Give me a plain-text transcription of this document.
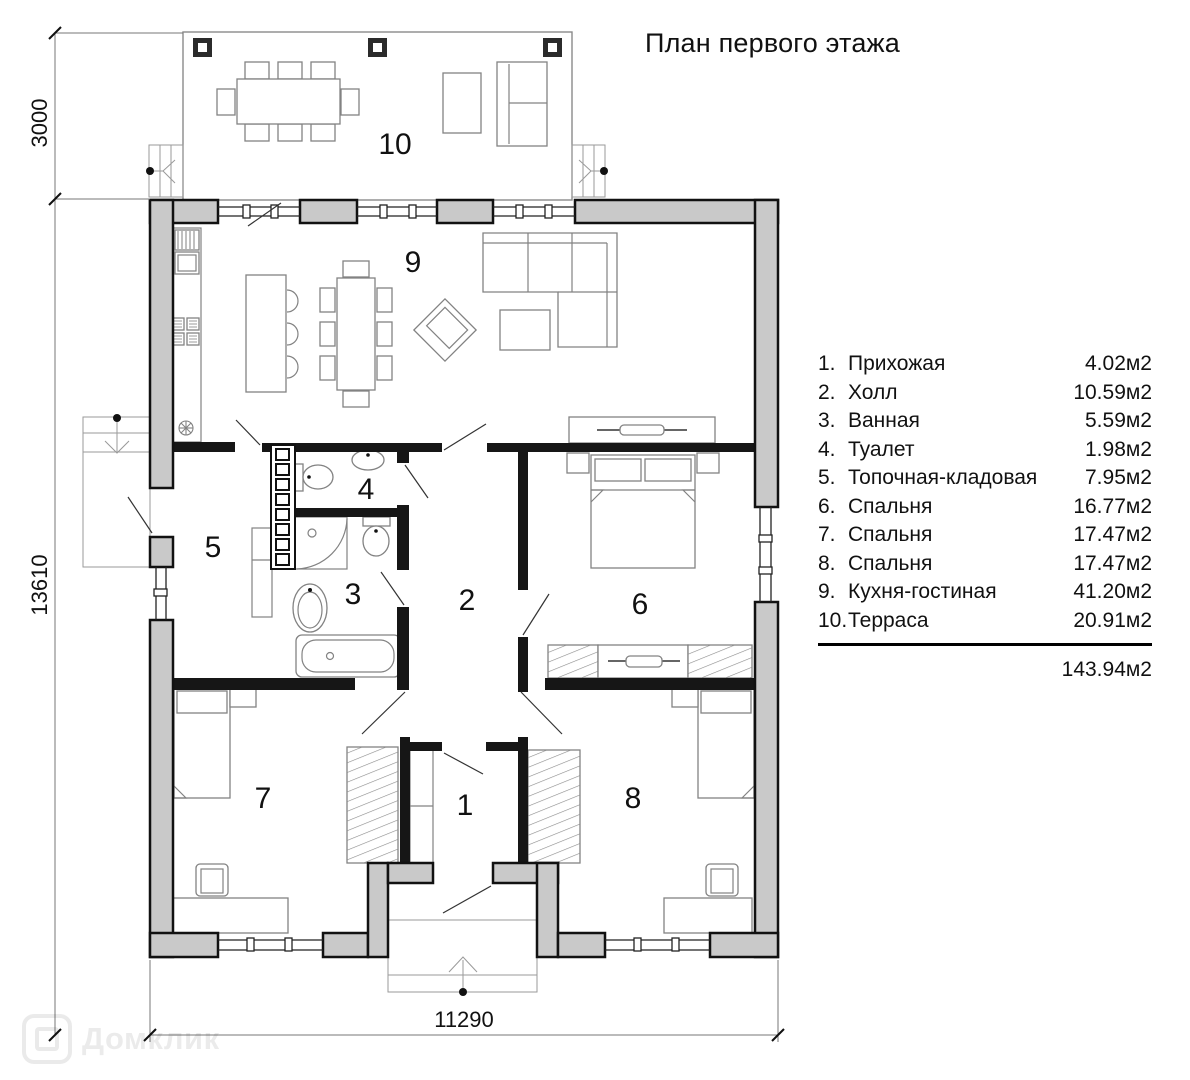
1
2
3
4
5
6
7	8
9
10
3000
13610
11290
План первого этажа
1. Прихожая	4.02м2
2. Холл	10.59м2
3. Ванная	5.59м2
4. Туалет	1.98м2
5. Топочная-кладовая	7.95м2
6. Спальня	16.77м2
7. Спальня	17.47м2
8. Спальня	17.47м2
9. Кухня-гостиная	41.20м2
10. Терраса	20.91м2
143.94м2
Домклик
